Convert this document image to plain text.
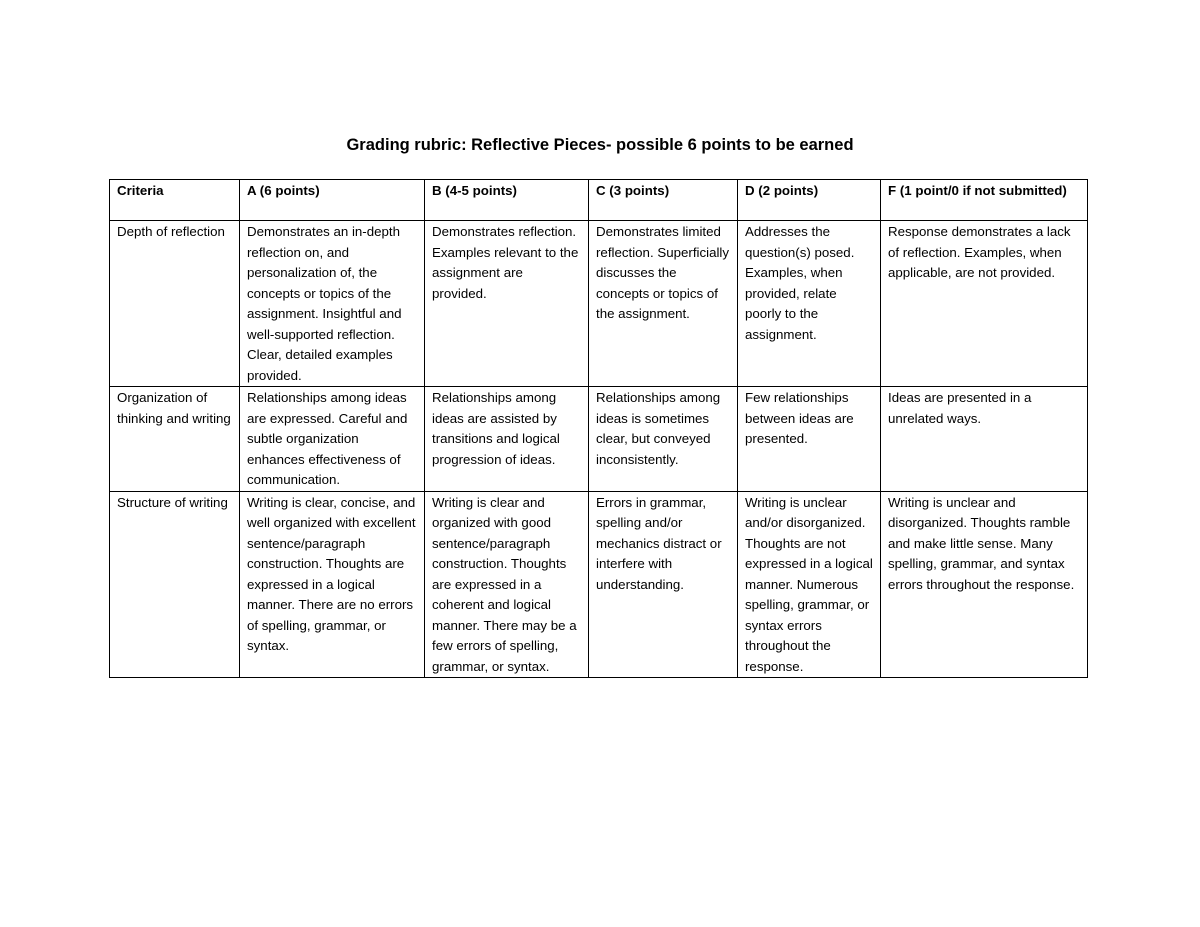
Grading rubric: Reflective Pieces- possible 6 points to be earned
Criteria	A (6 points)	B (4-5 points)	C (3 points)	D (2 points)	F (1 point/0 if not submitted)
Depth of reflection	Demonstrates an in-depth reflection on, and personalization of, the concepts or topics of the assignment. Insightful and well-supported reflection. Clear, detailed examples provided.	Demonstrates reflection. Examples relevant to the assignment are provided.	Demonstrates limited reflection. Superficially discusses the concepts or topics of the assignment.	Addresses the question(s) posed. Examples, when provided, relate poorly to the assignment.	Response demonstrates a lack of reflection. Examples, when applicable, are not provided.
Organization of thinking and writing	Relationships among ideas are expressed. Careful and subtle organization enhances effectiveness of communication.	Relationships among ideas are assisted by transitions and logical progression of ideas.	Relationships among ideas is sometimes clear, but conveyed inconsistently.	Few relationships between ideas are presented.	Ideas are presented in a unrelated ways.
Structure of writing	Writing is clear, concise, and well organized with excellent sentence/paragraph construction. Thoughts are expressed in a logical manner. There are no errors of spelling, grammar, or syntax.	Writing is clear and organized with good sentence/paragraph construction. Thoughts are expressed in a coherent and logical manner. There may be a few errors of spelling, grammar, or syntax.	Errors in grammar, spelling and/or mechanics distract or interfere with understanding.	Writing is unclear and/or disorganized. Thoughts are not expressed in a logical manner. Numerous spelling, grammar, or syntax errors throughout the response.	Writing is unclear and disorganized. Thoughts ramble and make little sense. Many spelling, grammar, and syntax errors throughout the response.
